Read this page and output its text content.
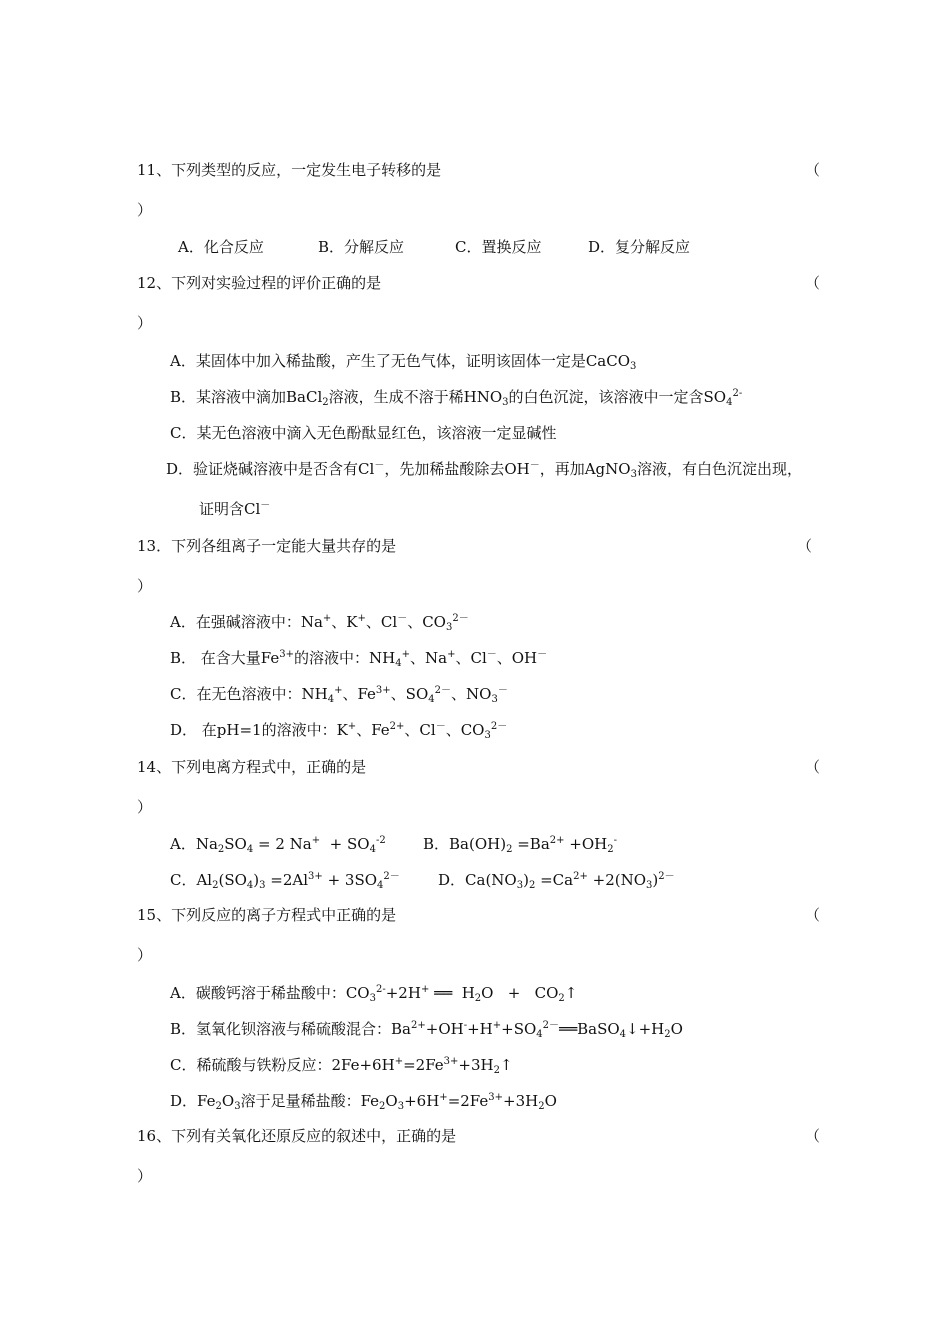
11、下列类型的反应，一定发生电子转移的是	（
）
A．化合反应	B．分解反应	C．置换反应	D．复分解反应
12、下列对实验过程的评价正确的是	（
）
A．某固体中加入稀盐酸，产生了无色气体，证明该固体一定是CaCO$_3$
B．某溶液中滴加BaCl$_2$溶液，生成不溶于稀$HNO_3$的白色沉淀，该溶液中一定含$SO_4^{2-}$
C．某无色溶液中滴入无色酚酞显红色，该溶液一定显碱性
D．验证烧碱溶液中是否含有Cl－，先加稀盐酸除去OH－，再加AgNO$_3$溶液，有白色沉淀出现，
证明含Cl－
13．下列各组离子一定能大量共存的是	（
）
A．在强碱溶液中：Na+、K+、Cl－、$CO_3^{2-}$
B． 在含大量$Fe^{3+}$的溶液中：$NH_4^+$、Na+、Cl－、OH－
C．在无色溶液中：$NH_4^+$、$Fe^{3+}$、$SO_4^{2-}$、$NO_3^-$
D． 在pH=1的溶液中：K+、$Fe^{2+}$、Cl－、$CO_3^{2-}$
14、下列电离方程式中，正确的是	（
）
A．$Na_2SO_4 = 2$ $Na^+ + SO_4^{-2}$ B．$Ba(OH)_2 =Ba^{2+} +OH_2^-$
C．$Al_2(SO_4)_3 =2Al^{3+} + 3SO_4^{2-}$	D．$Ca(NO_3)_2 =Ca^{2+} +2(NO_3)^{2-}$
15、下列反应的离子方程式中正确的是	（
）
A．碳酸钙溶于稀盐酸中：$CO_3^{2-}+2H^+$ ══  $H_2O$   +   $CO_2↑$
B．氢氧化钡溶液与稀硫酸混合：$Ba^{2+}+OH^-+H^++SO_4^{2-}══BaSO_4↓+H_2O$
C．稀硫酸与铁粉反应：$2Fe+6H^+=2Fe^{3+}+3H_2↑$
D．$Fe_2O_3$溶于足量稀盐酸：$Fe_2O_3+6H^+=2Fe^{3+}+3H_2O$
16、下列有关氧化还原反应的叙述中，正确的是	（
）
